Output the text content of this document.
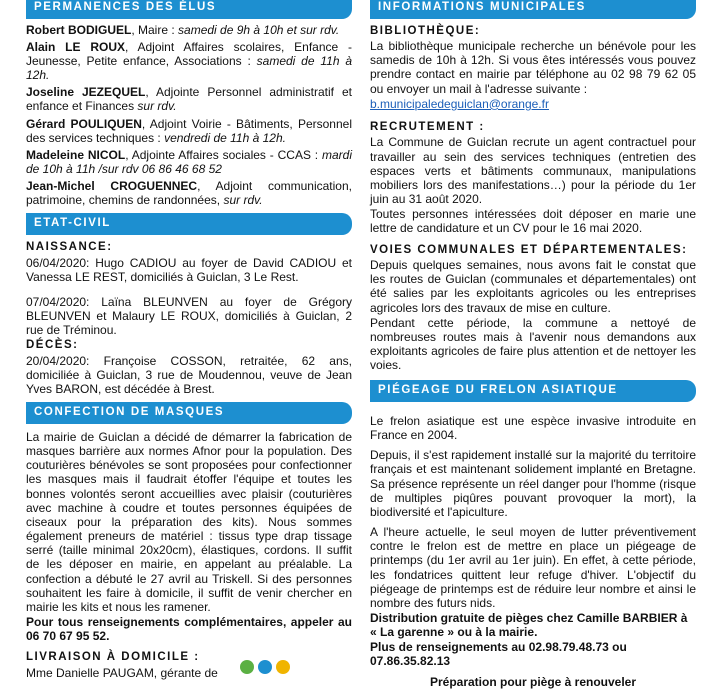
PERMANENCES DES ÉLUS
Robert BODIGUEL, Maire : samedi de 9h à 10h et sur rdv.
Alain LE ROUX, Adjoint Affaires scolaires, Enfance - Jeunesse, Petite enfance, Associations : samedi de 11h à 12h.
Joseline JEZEQUEL, Adjointe Personnel administratif et enfance et Finances sur rdv.
Gérard POULIQUEN, Adjoint Voirie - Bâtiments, Personnel des services techniques : vendredi de 11h à 12h.
Madeleine NICOL, Adjointe Affaires sociales - CCAS : mardi de 10h à 11h /sur rdv 06 86 46 68 52
Jean-Michel CROGUENNEC, Adjoint communication, patrimoine, chemins de randonnées, sur rdv.
ETAT-CIVIL
NAISSANCE:
06/04/2020: Hugo CADIOU au foyer de David CADIOU et Vanessa LE REST, domiciliés à Guiclan, 3 Le Rest.
07/04/2020: Laïna BLEUNVEN au foyer de Grégory BLEUNVEN et Malaury LE ROUX, domiciliés à Guiclan, 2 rue de Tréminou.
DÉCÈS:
20/04/2020: Françoise COSSON, retraitée, 62 ans, domiciliée à Guiclan, 3 rue de Moudennou, veuve de Jean Yves BARON, est décédée à Brest.
CONFECTION DE MASQUES
La mairie de Guiclan a décidé de démarrer la fabrication de masques barrière aux normes Afnor pour la population. Des couturières bénévoles se sont proposées pour confectionner les masques mais il faudrait étoffer l'équipe et toutes les bonnes volontés seront accueillies avec plaisir (couturières avec machine à coudre et toutes personnes équipées de ciseaux pour la préparation des kits). Nous sommes également preneurs de matériel : tissus type drap tissage serré (taille minimal 20x20cm), élastiques, cordons. Il suffit de les déposer en mairie, en appelant au préalable. La confection a débuté le 27 avril au Triskell. Si des personnes souhaitent les faire à domicile, il suffit de venir chercher en mairie les kits et nous les ramener.
Pour tous renseignements complémentaires, appeler au 06 70 67 95 52.
LIVRAISON À DOMICILE :
Mme Danielle PAUGAM, gérante de
INFORMATIONS MUNICIPALES
BIBLIOTHÈQUE:
La bibliothèque municipale recherche un bénévole pour les samedis de 10h à 12h. Si vous êtes intéressés vous pouvez prendre contact en mairie par téléphone au 02 98 79 62 05 ou envoyer un mail à l'adresse suivante :
b.municipaledeguiclan@orange.fr
RECRUTEMENT :
La Commune de Guiclan recrute un agent contractuel pour travailler au sein des services techniques (entretien des espaces verts et bâtiments communaux, manipulations mobiliers lors des manifestations…) pour la période du 1er juin au 31 août 2020.
Toutes personnes intéressées doit déposer en marie une lettre de candidature et un CV pour le 16 mai 2020.
VOIES COMMUNALES ET DÉPARTEMENTALES:
Depuis quelques semaines, nous avons fait le constat que les routes de Guiclan (communales et départementales) ont été salies par les exploitants agricoles ou les entreprises agricoles lors des travaux de mise en culture.
Pendant cette période, la commune a nettoyé de nombreuses routes mais à l'avenir nous demandons aux exploitants agricoles de faire plus attention et de nettoyer les voies.
PIÉGEAGE DU FRELON ASIATIQUE
Le frelon asiatique est une espèce invasive introduite en France en 2004.
Depuis, il s'est rapidement installé sur la majorité du territoire français et est maintenant solidement implanté en Bretagne. Sa présence représente un réel danger pour l'homme (risque de multiples piqûres pouvant provoquer la mort), la biodiversité et l'apiculture.
A l'heure actuelle, le seul moyen de lutter préventivement contre le frelon est de mettre en place un piégeage de printemps (du 1er avril au 1er juin). En effet, à cette période, les fondatrices quittent leur refuge d'hiver. L'objectif du piégeage de printemps est de réduire leur nombre et ainsi le nombre des futurs nids.
Distribution gratuite de pièges chez Camille BARBIER à « La garenne » ou à la mairie.
Plus de renseignements au 02.98.79.48.73 ou 07.86.35.82.13
Préparation pour piège à renouveler
